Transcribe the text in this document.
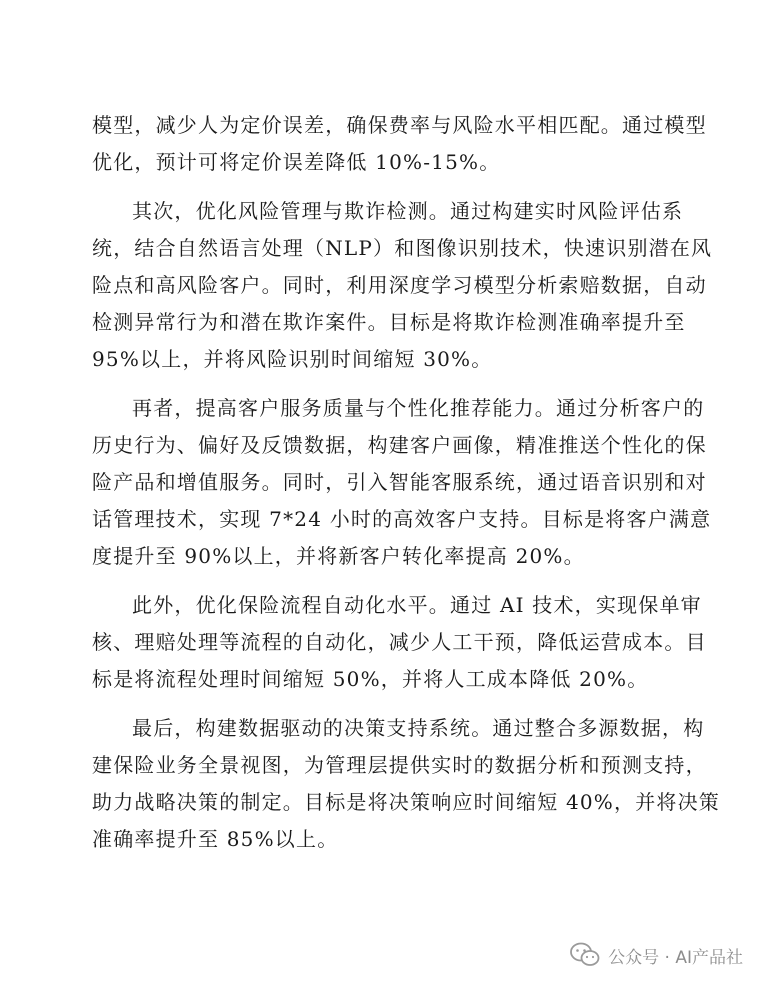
模型，减少人为定价误差，确保费率与风险水平相匹配。通过模型
优化，预计可将定价误差降低 10%-15%。
其次，优化风险管理与欺诈检测。通过构建实时风险评估系
统，结合自然语言处理（NLP）和图像识别技术，快速识别潜在风
险点和高风险客户。同时，利用深度学习模型分析索赔数据，自动
检测异常行为和潜在欺诈案件。目标是将欺诈检测准确率提升至
95%以上，并将风险识别时间缩短 30%。
再者，提高客户服务质量与个性化推荐能力。通过分析客户的
历史行为、偏好及反馈数据，构建客户画像，精准推送个性化的保
险产品和增值服务。同时，引入智能客服系统，通过语音识别和对
话管理技术，实现 7*24 小时的高效客户支持。目标是将客户满意
度提升至 90%以上，并将新客户转化率提高 20%。
此外，优化保险流程自动化水平。通过 AI 技术，实现保单审
核、理赔处理等流程的自动化，减少人工干预，降低运营成本。目
标是将流程处理时间缩短 50%，并将人工成本降低 20%。
最后，构建数据驱动的决策支持系统。通过整合多源数据，构
建保险业务全景视图，为管理层提供实时的数据分析和预测支持，
助力战略决策的制定。目标是将决策响应时间缩短 40%，并将决策
准确率提升至 85%以上。
公众号 · AI产品社
